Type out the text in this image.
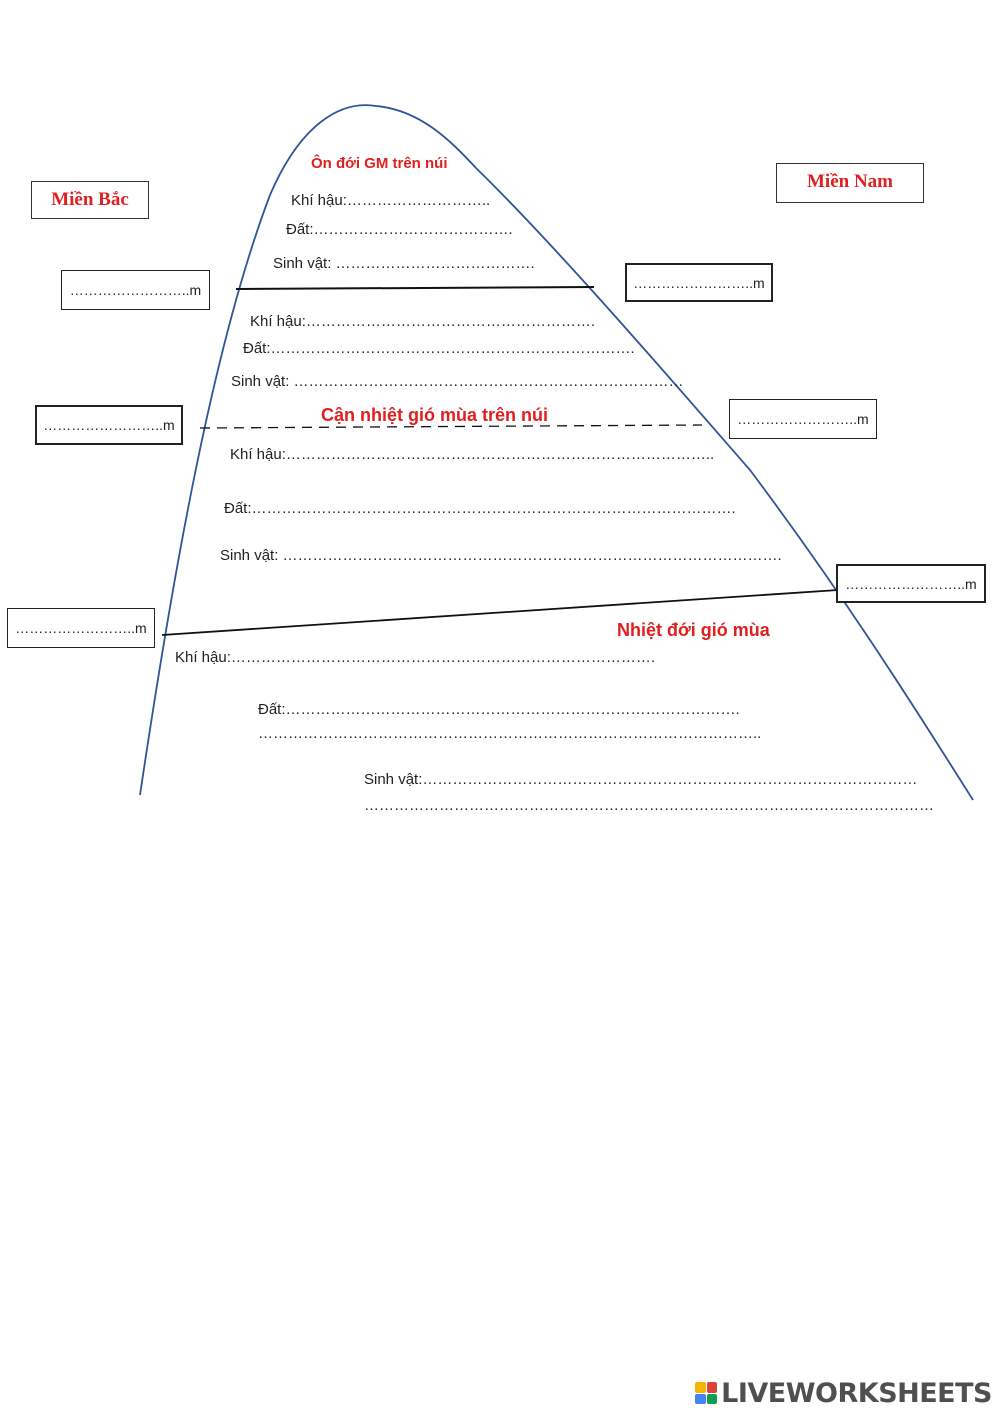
Miền Bắc
Miền Nam
……………………..m
……………………..m
……………………..m
……………………..m
……………………..m
……………………..m
Ôn đới GM trên núi
Cận nhiệt gió mùa trên núi
Nhiệt đới gió mùa
Khí hậu:………………………..
Đất:………………………………….
Sinh vật: ………………………………….
Khí hậu:………………………………………………….
Đất:……………………………………………………………….
Sinh vật: ……………………………………………………………………
Khí hậu:…………………………………………………………………………..
Đất:…………………………………………………………………………………….
Sinh vật: ……………………………………………………………………………………….
Khí hậu:………………………………………………………………………….
Đất:……………………………………………………………………………….
………………………………………………………………………………………..
Sinh vật:………………………………………………………………………………………
……………………………………………………………………………………………………
LIVEWORKSHEETS
